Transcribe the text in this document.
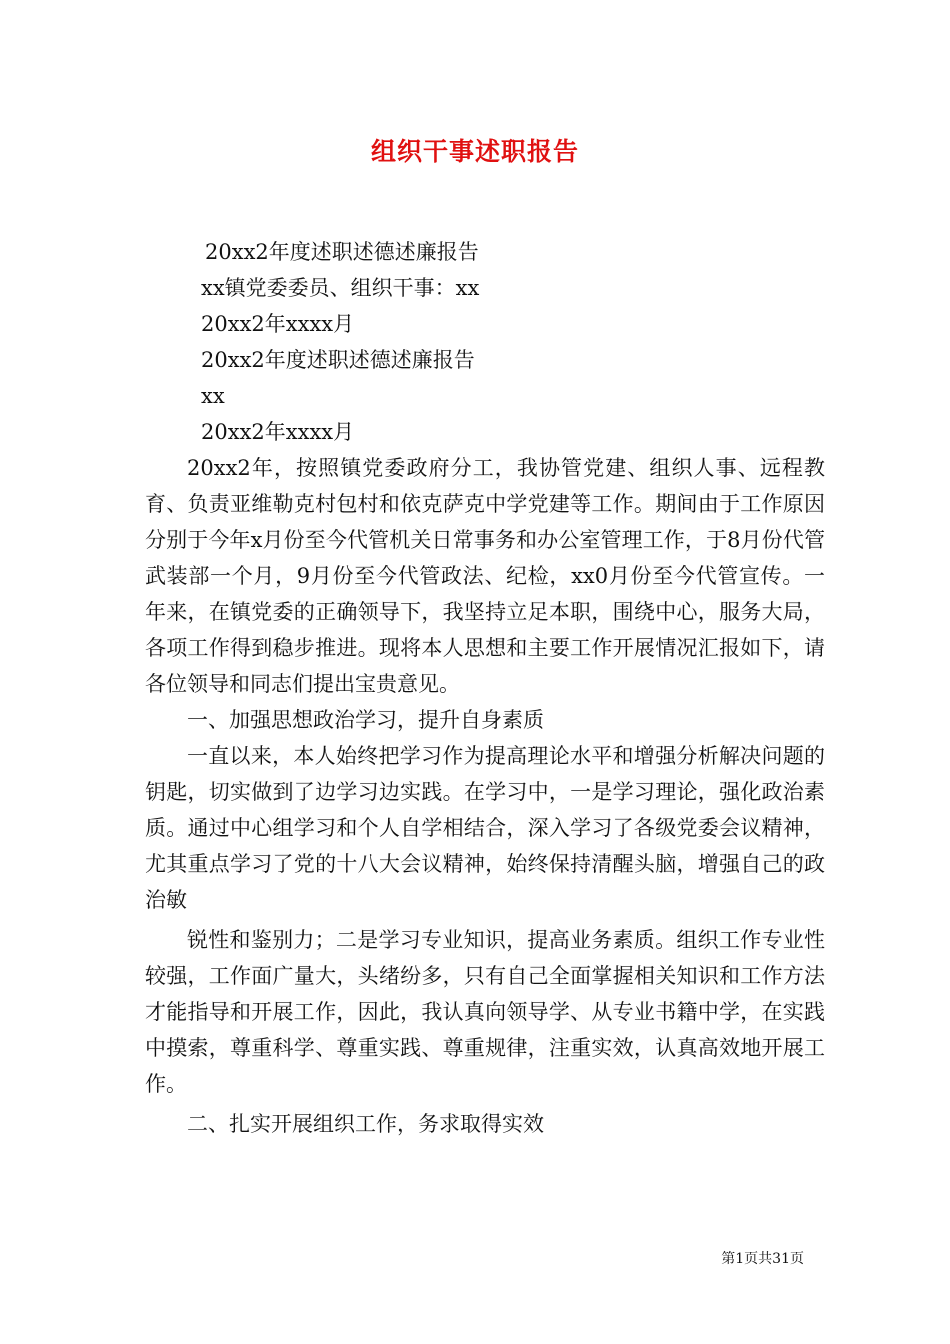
组织干事述职报告

20xx2年度述职述德述廉报告

xx镇党委委员、组织干事：xx

20xx2年xxxx月

20xx2年度述职述德述廉报告

xx

20xx2年xxxx月

20xx2年，按照镇党委政府分工，我协管党建、组织人事、远程教育、负责亚维勒克村包村和依克萨克中学党建等工作。期间由于工作原因分别于今年x月份至今代管机关日常事务和办公室管理工作，于8月份代管武装部一个月，9月份至今代管政法、纪检，xx0月份至今代管宣传。一年来，在镇党委的正确领导下，我坚持立足本职，围绕中心，服务大局，各项工作得到稳步推进。现将本人思想和主要工作开展情况汇报如下，请各位领导和同志们提出宝贵意见。

一、加强思想政治学习，提升自身素质

一直以来，本人始终把学习作为提高理论水平和增强分析解决问题的钥匙，切实做到了边学习边实践。在学习中，一是学习理论，强化政治素质。通过中心组学习和个人自学相结合，深入学习了各级党委会议精神，尤其重点学习了党的十八大会议精神，始终保持清醒头脑，增强自己的政治敏

锐性和鉴别力；二是学习专业知识，提高业务素质。组织工作专业性较强，工作面广量大，头绪纷多，只有自己全面掌握相关知识和工作方法才能指导和开展工作，因此，我认真向领导学、从专业书籍中学，在实践中摸索，尊重科学、尊重实践、尊重规律，注重实效，认真高效地开展工作。

二、扎实开展组织工作，务求取得实效

第1页共31页
